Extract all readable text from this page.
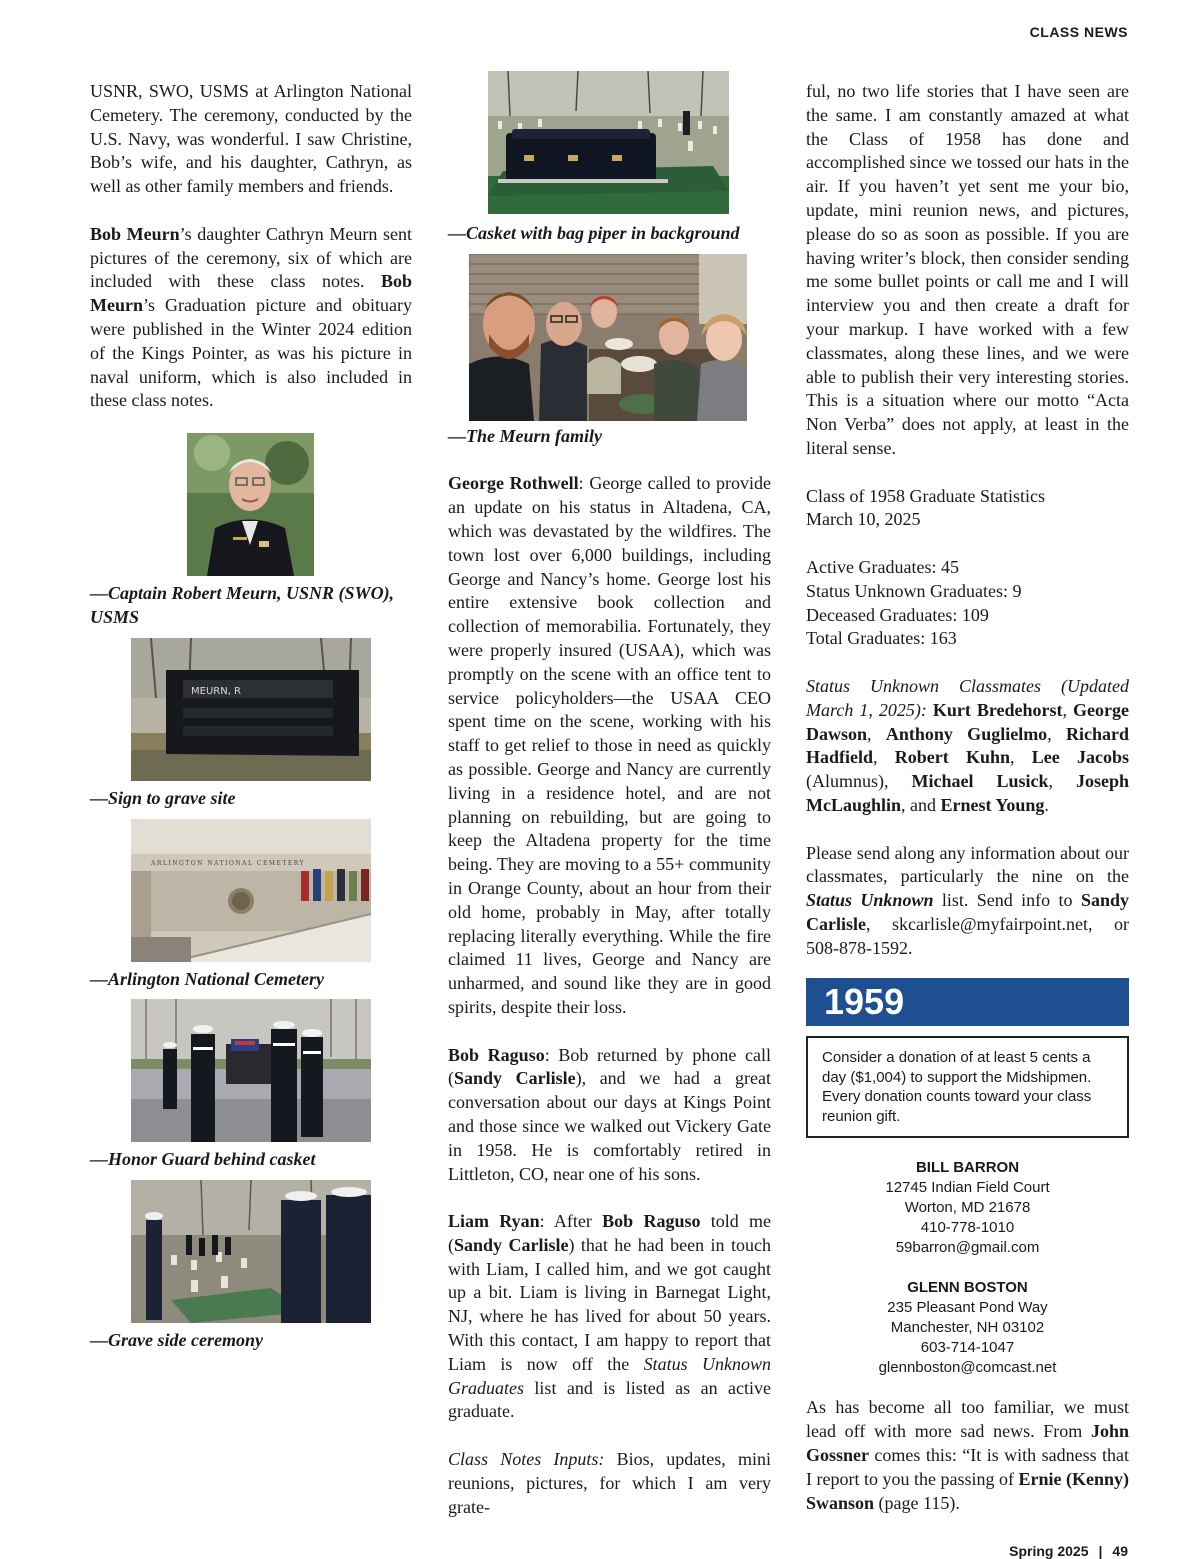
CLASS NEWS

USNR, SWO, USMS at Arlington National Cemetery. The ceremony, conducted by the U.S. Navy, was wonderful. I saw Christine, Bob’s wife, and his daughter, Cathryn, as well as other family members and friends.

Bob Meurn’s daughter Cathryn Meurn sent pictures of the ceremony, six of which are included with these class notes. Bob Meurn’s Graduation picture and obituary were published in the Winter 2024 edition of the Kings Pointer, as was his picture in naval uniform, which is also included in these class notes.

—Captain Robert Meurn, USNR (SWO), USMS

MEURN, R

—Sign to grave site

ARLINGTON NATIONAL CEMETERY

—Arlington National Cemetery

—Honor Guard behind casket

—Grave side ceremony

—Casket with bag piper in background

—The Meurn family

George Rothwell: George called to provide an update on his status in Altadena, CA, which was devastated by the wildfires. The town lost over 6,000 buildings, including George and Nancy’s home. George lost his entire extensive book collection and collection of memorabilia. Fortunately, they were properly insured (USAA), which was promptly on the scene with an office tent to service policyholders—the USAA CEO spent time on the scene, working with his staff to get relief to those in need as quickly as possible. George and Nancy are currently living in a residence hotel, and are not planning on rebuilding, but are going to keep the Altadena property for the time being. They are moving to a 55+ community in Orange County, about an hour from their old home, probably in May, after totally replacing literally everything. While the fire claimed 11 lives, George and Nancy are unharmed, and sound like they are in good spirits, despite their loss.

Bob Raguso: Bob returned by phone call (Sandy Carlisle), and we had a great conversation about our days at Kings Point and those since we walked out Vickery Gate in 1958. He is comfortably retired in Littleton, CO, near one of his sons.

Liam Ryan: After Bob Raguso told me (Sandy Carlisle) that he had been in touch with Liam, I called him, and we got caught up a bit. Liam is living in Barnegat Light, NJ, where he has lived for about 50 years. With this contact, I am happy to report that Liam is now off the Status Unknown Graduates list and is listed as an active graduate.

Class Notes Inputs: Bios, updates, mini reunions, pictures, for which I am very grate-

ful, no two life stories that I have seen are the same. I am constantly amazed at what the Class of 1958 has done and accomplished since we tossed our hats in the air. If you haven’t yet sent me your bio, update, mini reunion news, and pictures, please do so as soon as possible. If you are having writer’s block, then consider sending me some bullet points or call me and I will interview you and then create a draft for your markup. I have worked with a few classmates, along these lines, and we were able to publish their very interesting stories. This is a situation where our motto “Acta Non Verba” does not apply, at least in the literal sense.

Class of 1958 Graduate Statistics
March 10, 2025

Active Graduates: 45
Status Unknown Graduates: 9
Deceased Graduates: 109
Total Graduates: 163

Status Unknown Classmates (Updated March 1, 2025): Kurt Bredehorst, George Dawson, Anthony Guglielmo, Richard Hadfield, Robert Kuhn, Lee Jacobs (Alumnus), Michael Lusick, Joseph McLaughlin, and Ernest Young.

Please send along any information about our classmates, particularly the nine on the Status Unknown list. Send info to Sandy Carlisle, skcarlisle@myfairpoint.net, or 508-878-1592.

1959
Consider a donation of at least 5 cents a day ($1,004) to support the Midshipmen. Every donation counts toward your class reunion gift.
BILL BARRON
12745 Indian Field Court
Worton, MD 21678
410-778-1010
59barron@gmail.com
GLENN BOSTON
235 Pleasant Pond Way
Manchester, NH 03102
603-714-1047
glennboston@comcast.net

As has become all too familiar, we must lead off with more sad news. From John Gossner comes this: “It is with sadness that I report to you the passing of Ernie (Kenny) Swanson (page 115).

Spring 2025 | 49
